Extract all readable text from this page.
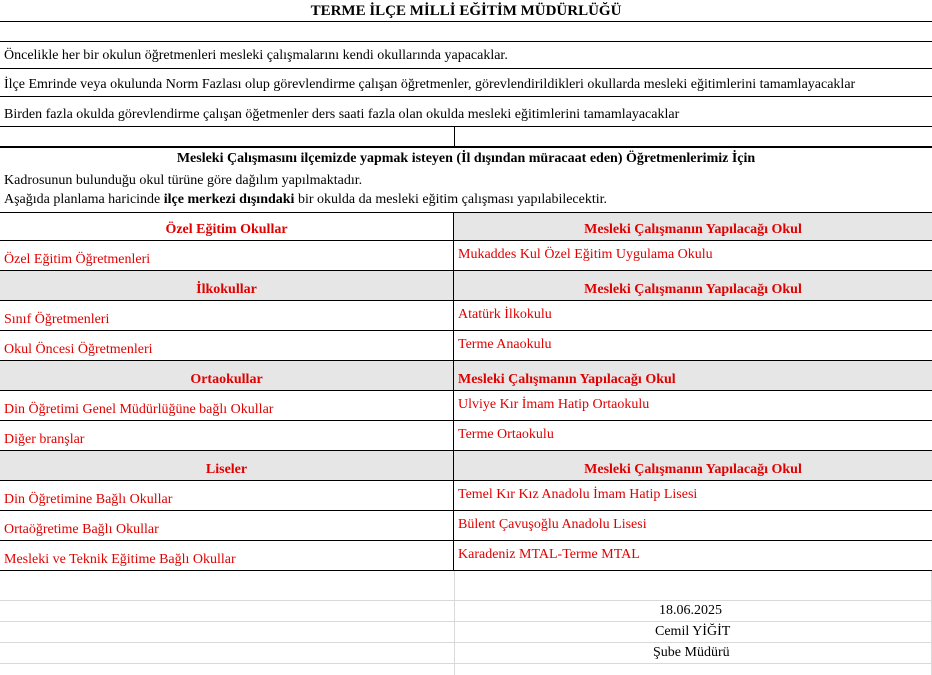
TERME İLÇE MİLLİ EĞİTİM MÜDÜRLÜĞÜ
Öncelikle her bir okulun öğretmenleri mesleki çalışmalarını kendi okullarında yapacaklar.
İlçe Emrinde veya okulunda Norm Fazlası olup görevlendirme çalışan öğretmenler, görevlendirildikleri okullarda mesleki eğitimlerini tamamlayacaklar
Birden fazla okulda görevlendirme çalışan öğetmenler ders saati fazla olan okulda mesleki eğitimlerini tamamlayacaklar
Mesleki Çalışmasını ilçemizde yapmak isteyen (İl dışından müracaat eden) Öğretmenlerimiz İçin
Kadrosunun bulunduğu okul türüne göre dağılım yapılmaktadır.
Aşağıda planlama haricinde ilçe merkezi dışındaki bir okulda da mesleki eğitim çalışması yapılabilecektir.
Özel Eğitim Okullar	Mesleki Çalışmanın Yapılacağı Okul
Özel Eğitim Öğretmenleri	Mukaddes Kul Özel Eğitim Uygulama Okulu
İlkokullar	Mesleki Çalışmanın Yapılacağı Okul
Sınıf Öğretmenleri	Atatürk İlkokulu
Okul Öncesi Öğretmenleri	Terme Anaokulu
Ortaokullar	Mesleki Çalışmanın Yapılacağı Okul
Din Öğretimi Genel Müdürlüğüne bağlı Okullar	Ulviye Kır İmam Hatip Ortaokulu
Diğer branşlar	Terme Ortaokulu
Liseler	Mesleki Çalışmanın Yapılacağı Okul
Din Öğretimine Bağlı Okullar	Temel Kır Kız Anadolu İmam Hatip Lisesi
Ortaöğretime Bağlı Okullar	Bülent Çavuşoğlu Anadolu Lisesi
Mesleki ve Teknik Eğitime Bağlı Okullar	Karadeniz MTAL-Terme MTAL
18.06.2025
Cemil YİĞİT
Şube Müdürü
